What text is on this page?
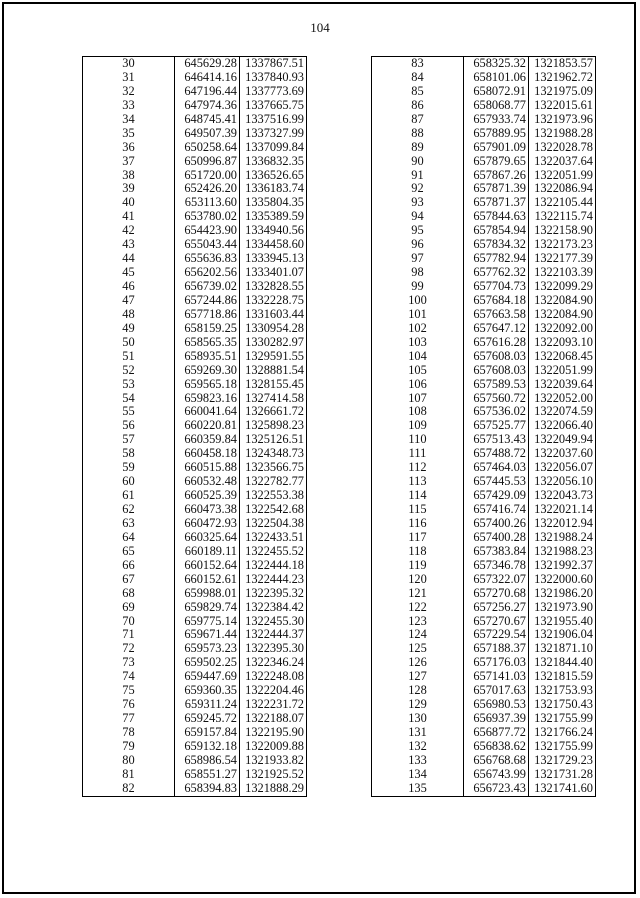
104
30	645629.28	1337867.51
31	646414.16	1337840.93
32	647196.44	1337773.69
33	647974.36	1337665.75
34	648745.41	1337516.99
35	649507.39	1337327.99
36	650258.64	1337099.84
37	650996.87	1336832.35
38	651720.00	1336526.65
39	652426.20	1336183.74
40	653113.60	1335804.35
41	653780.02	1335389.59
42	654423.90	1334940.56
43	655043.44	1334458.60
44	655636.83	1333945.13
45	656202.56	1333401.07
46	656739.02	1332828.55
47	657244.86	1332228.75
48	657718.86	1331603.44
49	658159.25	1330954.28
50	658565.35	1330282.97
51	658935.51	1329591.55
52	659269.30	1328881.54
53	659565.18	1328155.45
54	659823.16	1327414.58
55	660041.64	1326661.72
56	660220.81	1325898.23
57	660359.84	1325126.51
58	660458.18	1324348.73
59	660515.88	1323566.75
60	660532.48	1322782.77
61	660525.39	1322553.38
62	660473.38	1322542.68
63	660472.93	1322504.38
64	660325.64	1322433.51
65	660189.11	1322455.52
66	660152.64	1322444.18
67	660152.61	1322444.23
68	659988.01	1322395.32
69	659829.74	1322384.42
70	659775.14	1322455.30
71	659671.44	1322444.37
72	659573.23	1322395.30
73	659502.25	1322346.24
74	659447.69	1322248.08
75	659360.35	1322204.46
76	659311.24	1322231.72
77	659245.72	1322188.07
78	659157.84	1322195.90
79	659132.18	1322009.88
80	658986.54	1321933.82
81	658551.27	1321925.52
82	658394.83	1321888.29
83	658325.32	1321853.57
84	658101.06	1321962.72
85	658072.91	1321975.09
86	658068.77	1322015.61
87	657933.74	1321973.96
88	657889.95	1321988.28
89	657901.09	1322028.78
90	657879.65	1322037.64
91	657867.26	1322051.99
92	657871.39	1322086.94
93	657871.37	1322105.44
94	657844.63	1322115.74
95	657854.94	1322158.90
96	657834.32	1322173.23
97	657782.94	1322177.39
98	657762.32	1322103.39
99	657704.73	1322099.29
100	657684.18	1322084.90
101	657663.58	1322084.90
102	657647.12	1322092.00
103	657616.28	1322093.10
104	657608.03	1322068.45
105	657608.03	1322051.99
106	657589.53	1322039.64
107	657560.72	1322052.00
108	657536.02	1322074.59
109	657525.77	1322066.40
110	657513.43	1322049.94
111	657488.72	1322037.60
112	657464.03	1322056.07
113	657445.53	1322056.10
114	657429.09	1322043.73
115	657416.74	1322021.14
116	657400.26	1322012.94
117	657400.28	1321988.24
118	657383.84	1321988.23
119	657346.78	1321992.37
120	657322.07	1322000.60
121	657270.68	1321986.20
122	657256.27	1321973.90
123	657270.67	1321955.40
124	657229.54	1321906.04
125	657188.37	1321871.10
126	657176.03	1321844.40
127	657141.03	1321815.59
128	657017.63	1321753.93
129	656980.53	1321750.43
130	656937.39	1321755.99
131	656877.72	1321766.24
132	656838.62	1321755.99
133	656768.68	1321729.23
134	656743.99	1321731.28
135	656723.43	1321741.60
